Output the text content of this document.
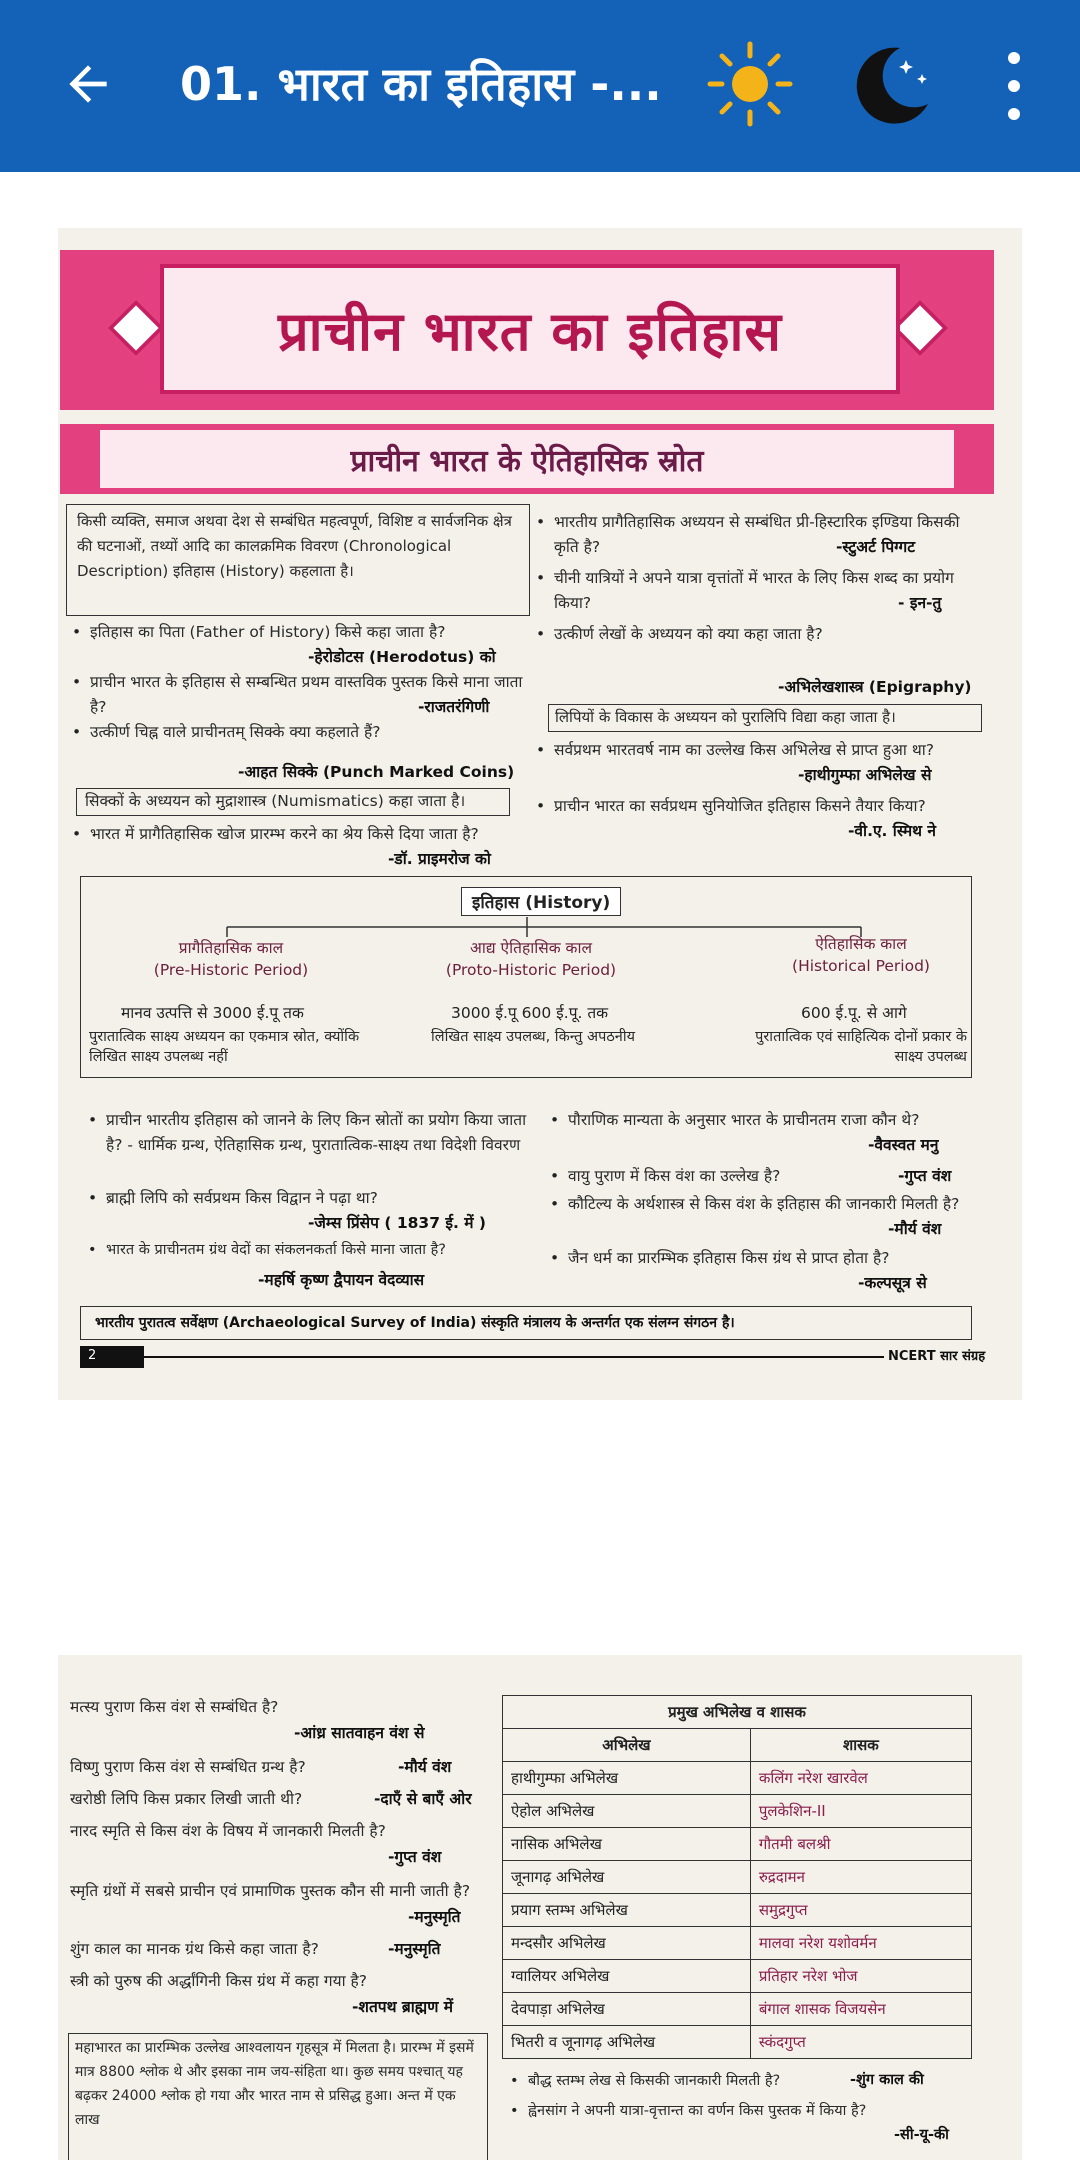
01. भारत का इतिहास -...
प्राचीन भारत का इतिहास
प्राचीन भारत के ऐतिहासिक स्रोत
किसी व्यक्ति, समाज अथवा देश से सम्बंधित महत्वपूर्ण, विशिष्ट व सार्वजनिक क्षेत्र की घटनाओं, तथ्यों आदि का कालक्रमिक विवरण (Chronological Description) इतिहास (History) कहलाता है।
• इतिहास का पिता (Father of History) किसे कहा जाता है?
-हेरोडोटस (Herodotus) को
• प्राचीन भारत के इतिहास से सम्बन्धित प्रथम वास्तविक पुस्तक किसे माना जाता है?	-राजतरंगिणी
• उत्कीर्ण चिह्न वाले प्राचीनतम् सिक्के क्या कहलाते हैं?
-आहत सिक्के (Punch Marked Coins)
सिक्कों के अध्ययन को मुद्राशास्त्र (Numismatics) कहा जाता है।
• भारत में प्रागैतिहासिक खोज प्रारम्भ करने का श्रेय किसे दिया जाता है?
-डॉ. प्राइमरोज को
• भारतीय प्रागैतिहासिक अध्ययन से सम्बंधित प्री-हिस्टारिक इण्डिया किसकी कृति है?	-स्टुअर्ट पिग्गट
• चीनी यात्रियों ने अपने यात्रा वृत्तांतों में भारत के लिए किस शब्द का प्रयोग किया?	- इन-तु
• उत्कीर्ण लेखों के अध्ययन को क्या कहा जाता है?
-अभिलेखशास्त्र (Epigraphy)
लिपियों के विकास के अध्ययन को पुरालिपि विद्या कहा जाता है।
• सर्वप्रथम भारतवर्ष नाम का उल्लेख किस अभिलेख से प्राप्त हुआ था?
-हाथीगुम्फा अभिलेख से
• प्राचीन भारत का सर्वप्रथम सुनियोजित इतिहास किसने तैयार किया?
-वी.ए. स्मिथ ने
इतिहास (History)
प्रागैतिहासिक काल
(Pre-Historic Period)
आद्य ऐतिहासिक काल
(Proto-Historic Period)
ऐतिहासिक काल
(Historical Period)
मानव उत्पत्ति से 3000 ई.पू तक	3000 ई.पू 600 ई.पू. तक	600 ई.पू. से आगे
पुरातात्विक साक्ष्य अध्ययन का एकमात्र स्रोत, क्योंकि लिखित साक्ष्य उपलब्ध नहीं
लिखित साक्ष्य उपलब्ध, किन्तु अपठनीय	पुरातात्विक एवं साहित्यिक दोनों प्रकार के साक्ष्य उपलब्ध
• प्राचीन भारतीय इतिहास को जानने के लिए किन स्रोतों का प्रयोग किया जाता है? - धार्मिक ग्रन्थ, ऐतिहासिक ग्रन्थ, पुरातात्विक-साक्ष्य तथा विदेशी विवरण
• ब्राह्मी लिपि को सर्वप्रथम किस विद्वान ने पढ़ा था?
-जेम्स प्रिंसेप ( 1837 ई. में )
• भारत के प्राचीनतम ग्रंथ वेदों का संकलनकर्ता किसे माना जाता है?
-महर्षि कृष्ण द्वैपायन वेदव्यास
• पौराणिक मान्यता के अनुसार भारत के प्राचीनतम राजा कौन थे?
-वैवस्वत मनु
• वायु पुराण में किस वंश का उल्लेख है?	-गुप्त वंश
• कौटिल्य के अर्थशास्त्र से किस वंश के इतिहास की जानकारी मिलती है?
-मौर्य वंश
• जैन धर्म का प्रारम्भिक इतिहास किस ग्रंथ से प्राप्त होता है?
-कल्पसूत्र से
भारतीय पुरातत्व सर्वेक्षण (Archaeological Survey of India) संस्कृति मंत्रालय के अन्तर्गत एक संलग्न संगठन है।
2	NCERT सार संग्रह
मत्स्य पुराण किस वंश से सम्बंधित है?
-आंध्र सातवाहन वंश से
विष्णु पुराण किस वंश से सम्बंधित ग्रन्थ है?	-मौर्य वंश
खरोष्ठी लिपि किस प्रकार लिखी जाती थी?	-दाएँ से बाएँ ओर
नारद स्मृति से किस वंश के विषय में जानकारी मिलती है?
-गुप्त वंश
स्मृति ग्रंथों में सबसे प्राचीन एवं प्रामाणिक पुस्तक कौन सी मानी जाती है?
-मनुस्मृति
शुंग काल का मानक ग्रंथ किसे कहा जाता है?	-मनुस्मृति
स्त्री को पुरुष की अर्द्धांगिनी किस ग्रंथ में कहा गया है?
-शतपथ ब्राह्मण में
महाभारत का प्रारम्भिक उल्लेख आश्वलायन गृहसूत्र में मिलता है। प्रारम्भ में इसमें मात्र 8800 श्लोक थे और इसका नाम जय-संहिता था। कुछ समय पश्चात् यह बढ़कर 24000 श्लोक हो गया और भारत नाम से प्रसिद्ध हुआ। अन्त में एक लाख
प्रमुख अभिलेख व शासक	
अभिलेख	शासक
हाथीगुम्फा अभिलेख	कलिंग नरेश खारवेल
ऐहोल अभिलेख	पुलकेशिन-II
नासिक अभिलेख	गौतमी बलश्री
जूनागढ़ अभिलेख	रुद्रदामन
प्रयाग स्तम्भ अभिलेख	समुद्रगुप्त
मन्दसौर अभिलेख	मालवा नरेश यशोवर्मन
ग्वालियर अभिलेख	प्रतिहार नरेश भोज
देवपाड़ा अभिलेख	बंगाल शासक विजयसेन
भितरी व जूनागढ़ अभिलेख	स्कंदगुप्त
• बौद्ध स्तम्भ लेख से किसकी जानकारी मिलती है?	-शुंग काल की
• ह्वेनसांग ने अपनी यात्रा-वृत्तान्त का वर्णन किस पुस्तक में किया है?
-सी-यू-की
